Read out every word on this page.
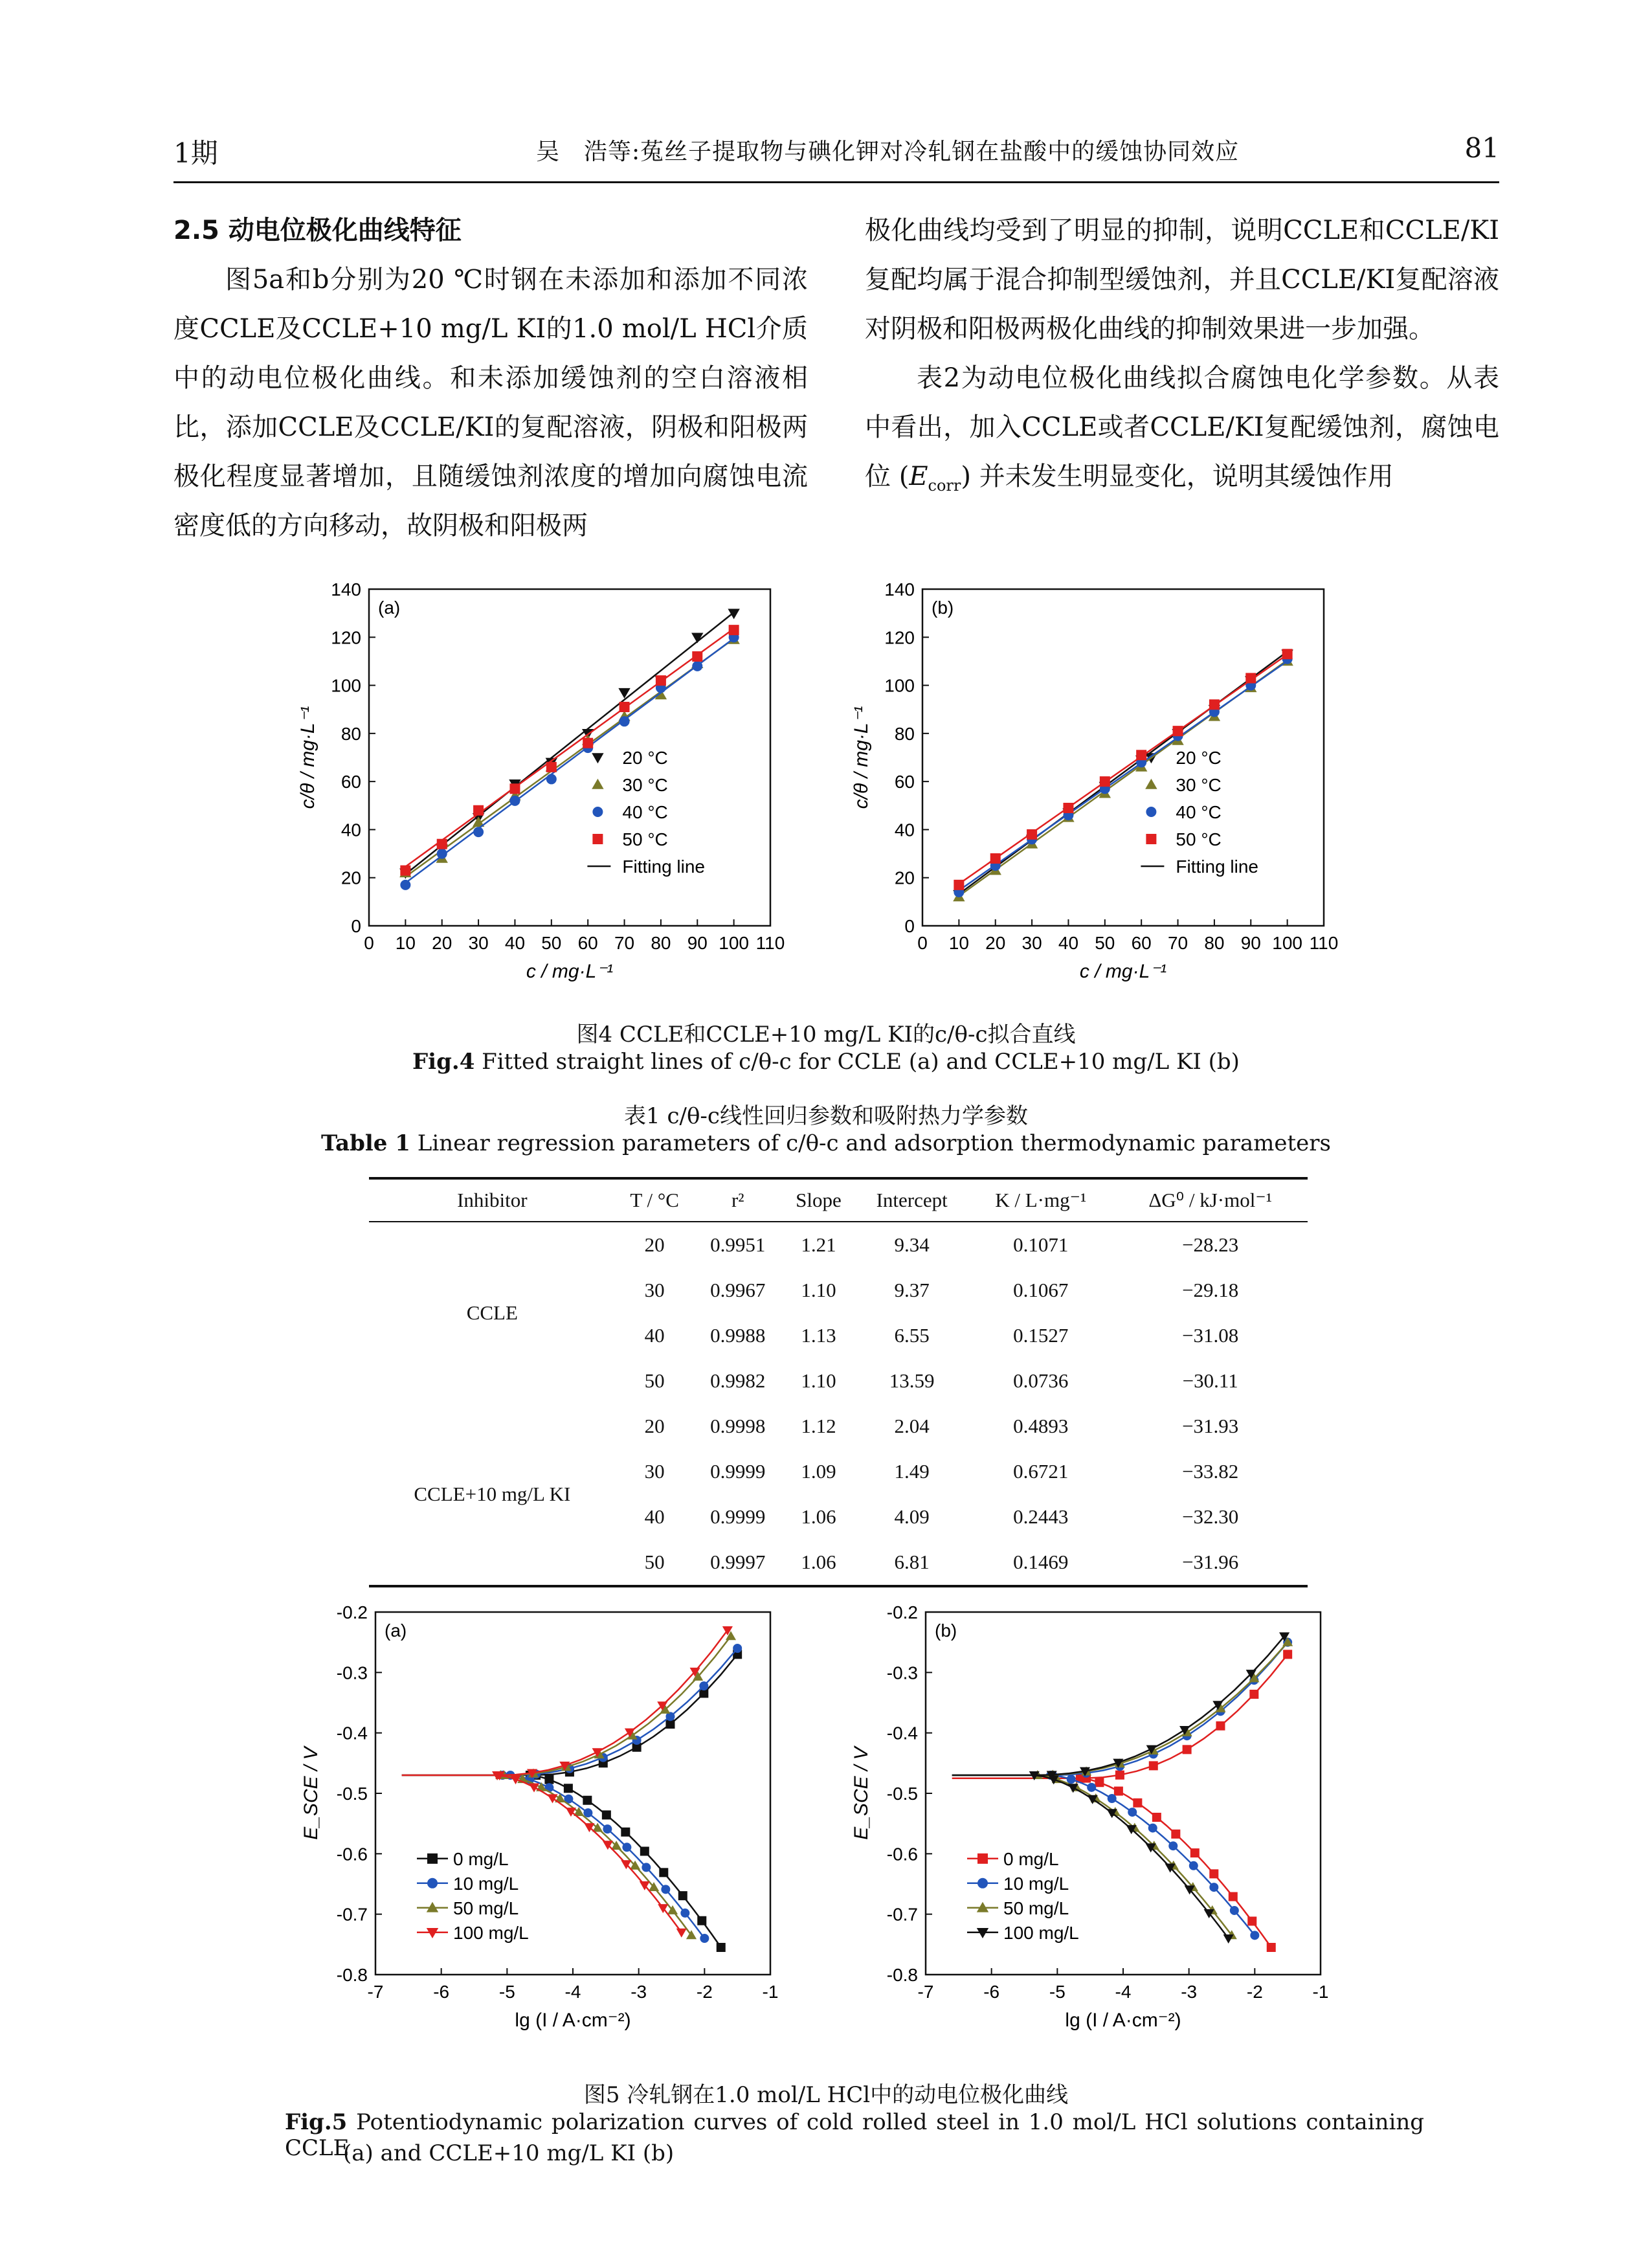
1期	吴　浩等:菟丝子提取物与碘化钾对冷轧钢在盐酸中的缓蚀协同效应	81

2.5 动电位极化曲线特征

图5a和b分别为20 ℃时钢在未添加和添加不同浓度CCLE及CCLE+10 mg/L KI的1.0 mol/L HCl介质中的动电位极化曲线。和未添加缓蚀剂的空白溶液相比，添加CCLE及CCLE/KI的复配溶液，阴极和阳极两极化程度显著增加，且随缓蚀剂浓度的增加向腐蚀电流密度低的方向移动，故阴极和阳极两

极化曲线均受到了明显的抑制，说明CCLE和CCLE/KI复配均属于混合抑制型缓蚀剂，并且CCLE/KI复配溶液对阴极和阳极两极化曲线的抑制效果进一步加强。

表2为动电位极化曲线拟合腐蚀电化学参数。从表中看出，加入CCLE或者CCLE/KI复配缓蚀剂，腐蚀电位 $(E_{corr})$ 并未发生明显变化，说明其缓蚀作用

0 10 20 30 40 50 60 70 80 90 100 110
0
20
40
60
80
100
120
140
(a)
c / mg·L⁻¹
c/θ / mg·L⁻¹	20 °C
30 °C
40 °C
50 °C
Fitting line
0 10 20 30 40 50 60 70 80 90 100 110
0
20
40
60
80
100
120
140
(b)
c / mg·L⁻¹
c/θ / mg·L⁻¹	20 °C
30 °C
40 °C
50 °C
Fitting line
图4 CCLE和CCLE+10 mg/L KI的c/θ-c拟合直线
Fig.4 Fitted straight lines of c/θ-c for CCLE (a) and CCLE+10 mg/L KI (b)
表1 c/θ-c线性回归参数和吸附热力学参数
Table 1 Linear regression parameters of c/θ-c and adsorption thermodynamic parameters
Inhibitor	T / °C	r²	Slope	Intercept	K / L·mg⁻¹	ΔG⁰ / kJ·mol⁻¹
CCLE	20	0.9951	1.21	9.34	0.1071	−28.23
	30	0.9967	1.10	9.37	0.1067	−29.18
	40	0.9988	1.13	6.55	0.1527	−31.08
	50	0.9982	1.10	13.59	0.0736	−30.11
CCLE+10 mg/L KI	20	0.9998	1.12	2.04	0.4893	−31.93
	30	0.9999	1.09	1.49	0.6721	−33.82
	40	0.9999	1.06	4.09	0.2443	−32.30
	50	0.9997	1.06	6.81	0.1469	−31.96
-7	-6	-5	-4	-3	-2	-1
-0.2
-0.3
-0.4
-0.5
-0.6
-0.7
-0.8
(a)
lg (I / A·cm⁻²)
E_SCE / V
0 mg/L
10 mg/L
50 mg/L
100 mg/L
-7	-6	-5	-4	-3	-2	-1
-0.2
-0.3
-0.4
-0.5
-0.6
-0.7
-0.8
(b)
lg (I / A·cm⁻²)
E_SCE / V
0 mg/L
10 mg/L
50 mg/L
100 mg/L
图5 冷轧钢在1.0 mol/L HCl中的动电位极化曲线
Fig.5 Potentiodynamic polarization curves of cold rolled steel in 1.0 mol/L HCl solutions containing CCLE
(a) and CCLE+10 mg/L KI (b)
